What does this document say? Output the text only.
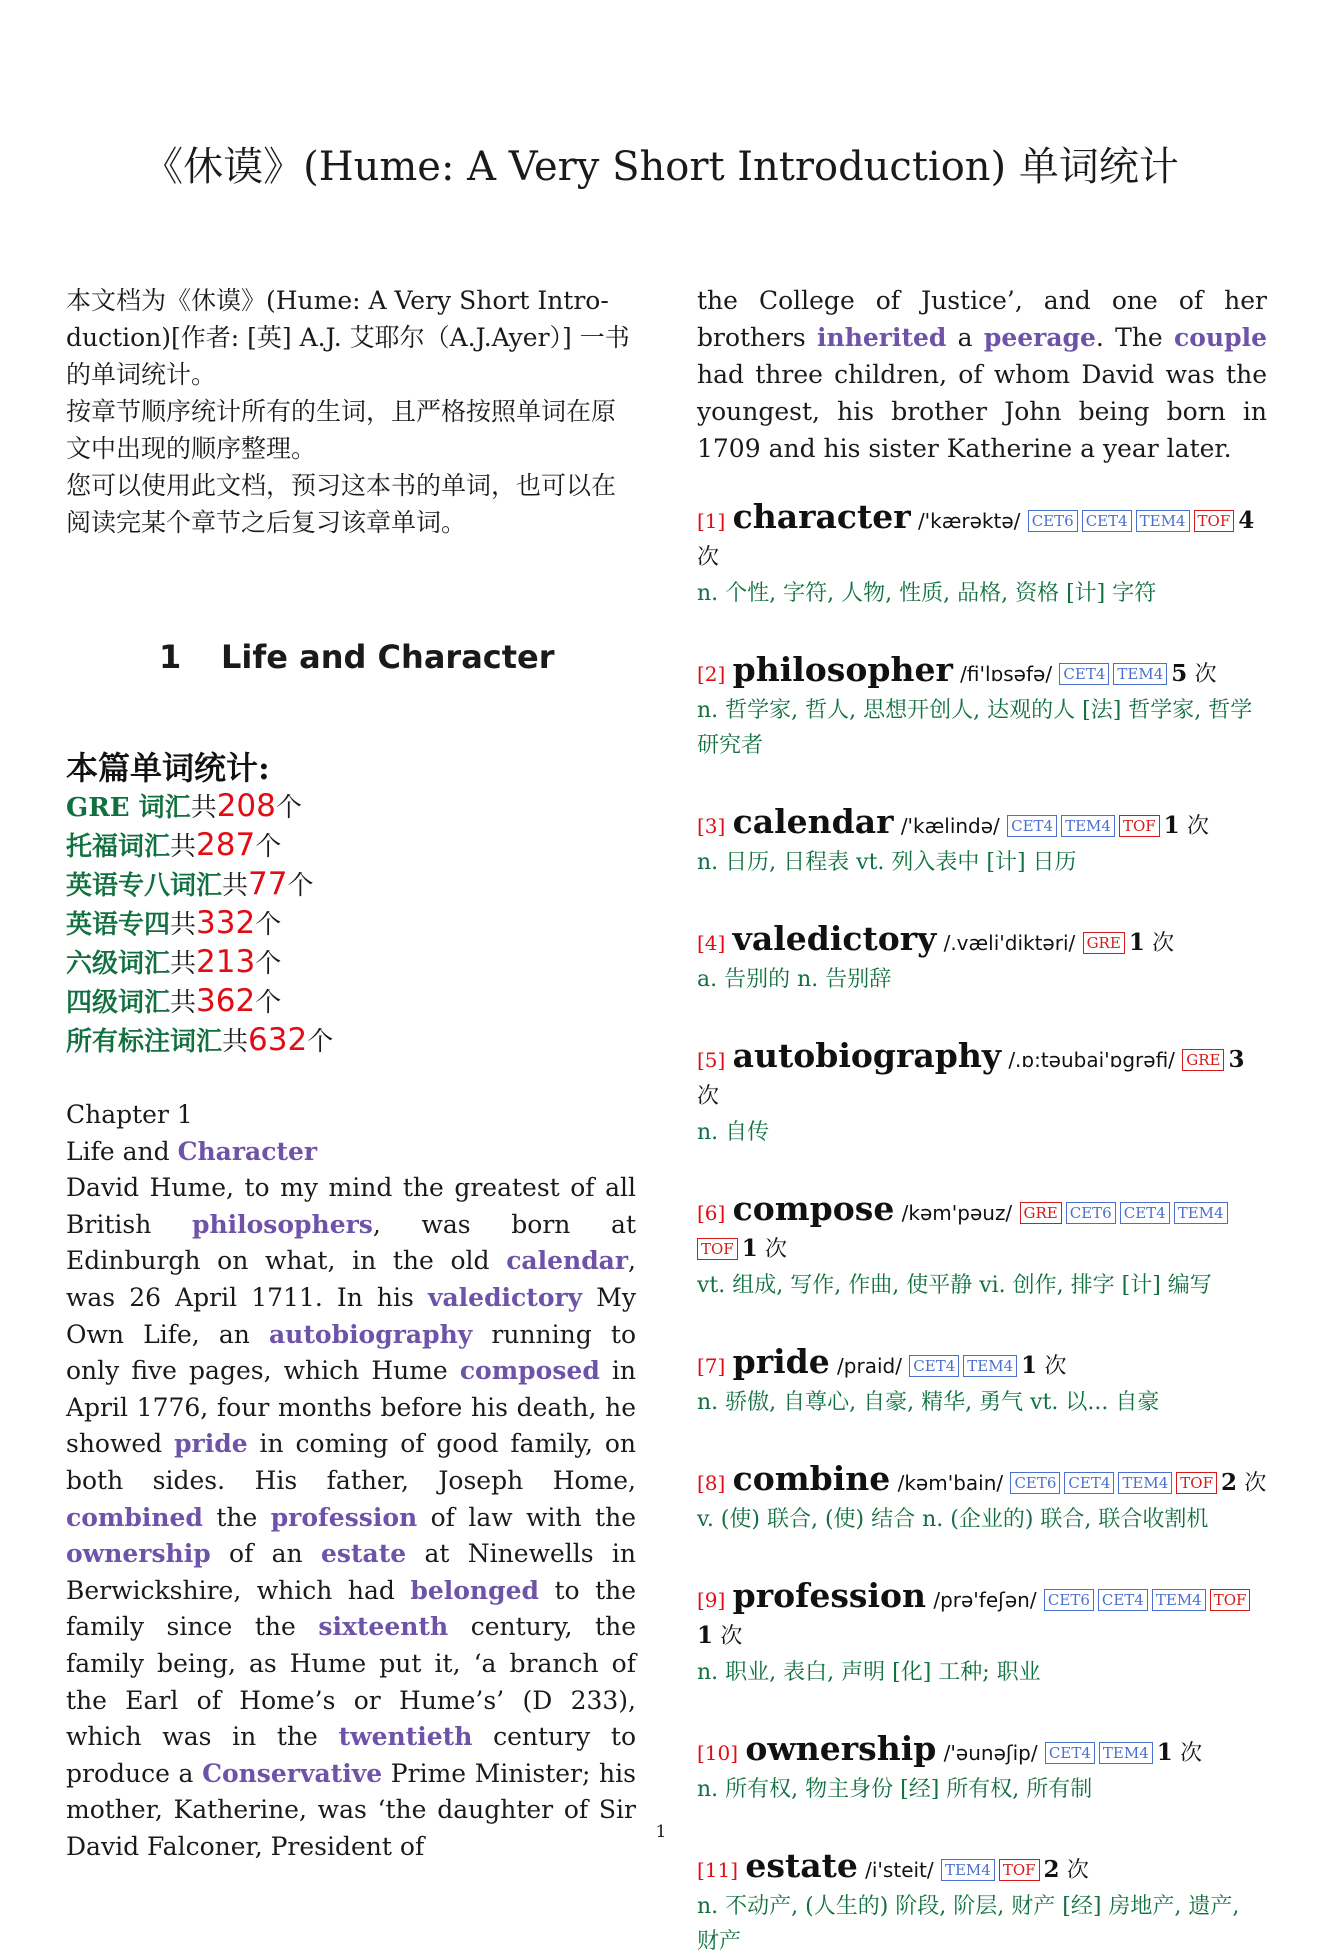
《休谟》(Hume: A Very Short Introduction) 单词统计

本文档为《休谟》(Hume: A Very Short Intro-duction)[作者: [英] A.J. 艾耶尔（A.J.Ayer）] 一书的单词统计。

按章节顺序统计所有的生词，且严格按照单词在原文中出现的顺序整理。

您可以使用此文档，预习这本书的单词，也可以在阅读完某个章节之后复习该章单词。

1 Life and Character
本篇单词统计:
GRE 词汇共208个
托福词汇共287个
英语专八词汇共77个
英语专四共332个
六级词汇共213个
四级词汇共362个
所有标注词汇共632个
Chapter 1
Life and Character
David Hume, to my mind the greatest of all British philosophers, was born at Edinburgh on what, in the old calendar, was 26 April 1711. In his valedictory My Own Life, an autobiography running to only five pages, which Hume composed in April 1776, four months before his death, he showed pride in coming of good family, on both sides. His father, Joseph Home, combined the profession of law with the ownership of an estate at Ninewells in Berwickshire, which had belonged to the family since the sixteenth century, the family being, as Hume put it, ‘a branch of the Earl of Home’s or Hume’s’ (D 233), which was in the twentieth century to produce a Conservative Prime Minister; his mother, Katherine, was ‘the daughter of Sir David Falconer, President of

the College of Justice’, and one of her brothers inherited a peerage. The couple had three children, of whom David was the youngest, his brother John being born in 1709 and his sister Katherine a year later.

[1] character /'kærəktə/ CET6 CET4 TEM4 TOF 4 次
n. 个性, 字符, 人物, 性质, 品格, 资格 [计] 字符
[2] philosopher /fi'lɒsəfə/ CET4 TEM4 5 次
n. 哲学家, 哲人, 思想开创人, 达观的人 [法] 哲学家, 哲学研究者
[3] calendar /'kælində/ CET4 TEM4 TOF 1 次
n. 日历, 日程表 vt. 列入表中 [计] 日历
[4] valedictory /.væli'diktəri/ GRE 1 次
a. 告别的 n. 告别辞
[5] autobiography /.ɒ:təubai'ɒgrəfi/ GRE 3 次
n. 自传
[6] compose /kəm'pəuz/ GRE CET6 CET4 TEM4TOF 1 次
vt. 组成, 写作, 作曲, 使平静 vi. 创作, 排字 [计] 编写
[7] pride /praid/ CET4 TEM4 1 次
n. 骄傲, 自尊心, 自豪, 精华, 勇气 vt. 以... 自豪
[8] combine /kəm'bain/ CET6 CET4 TEM4 TOF 2 次
v. (使) 联合, (使) 结合 n. (企业的) 联合, 联合收割机
[9] profession /prə'feʃən/ CET6 CET4 TEM4 TOF1 次
n. 职业, 表白, 声明 [化] 工种; 职业
[10] ownership /'əunəʃip/ CET4 TEM4 1 次
n. 所有权, 物主身份 [经] 所有权, 所有制
[11] estate /i'steit/ TEM4 TOF 2 次
n. 不动产, (人生的) 阶段, 阶层, 财产 [经] 房地产, 遗产, 财产
1
